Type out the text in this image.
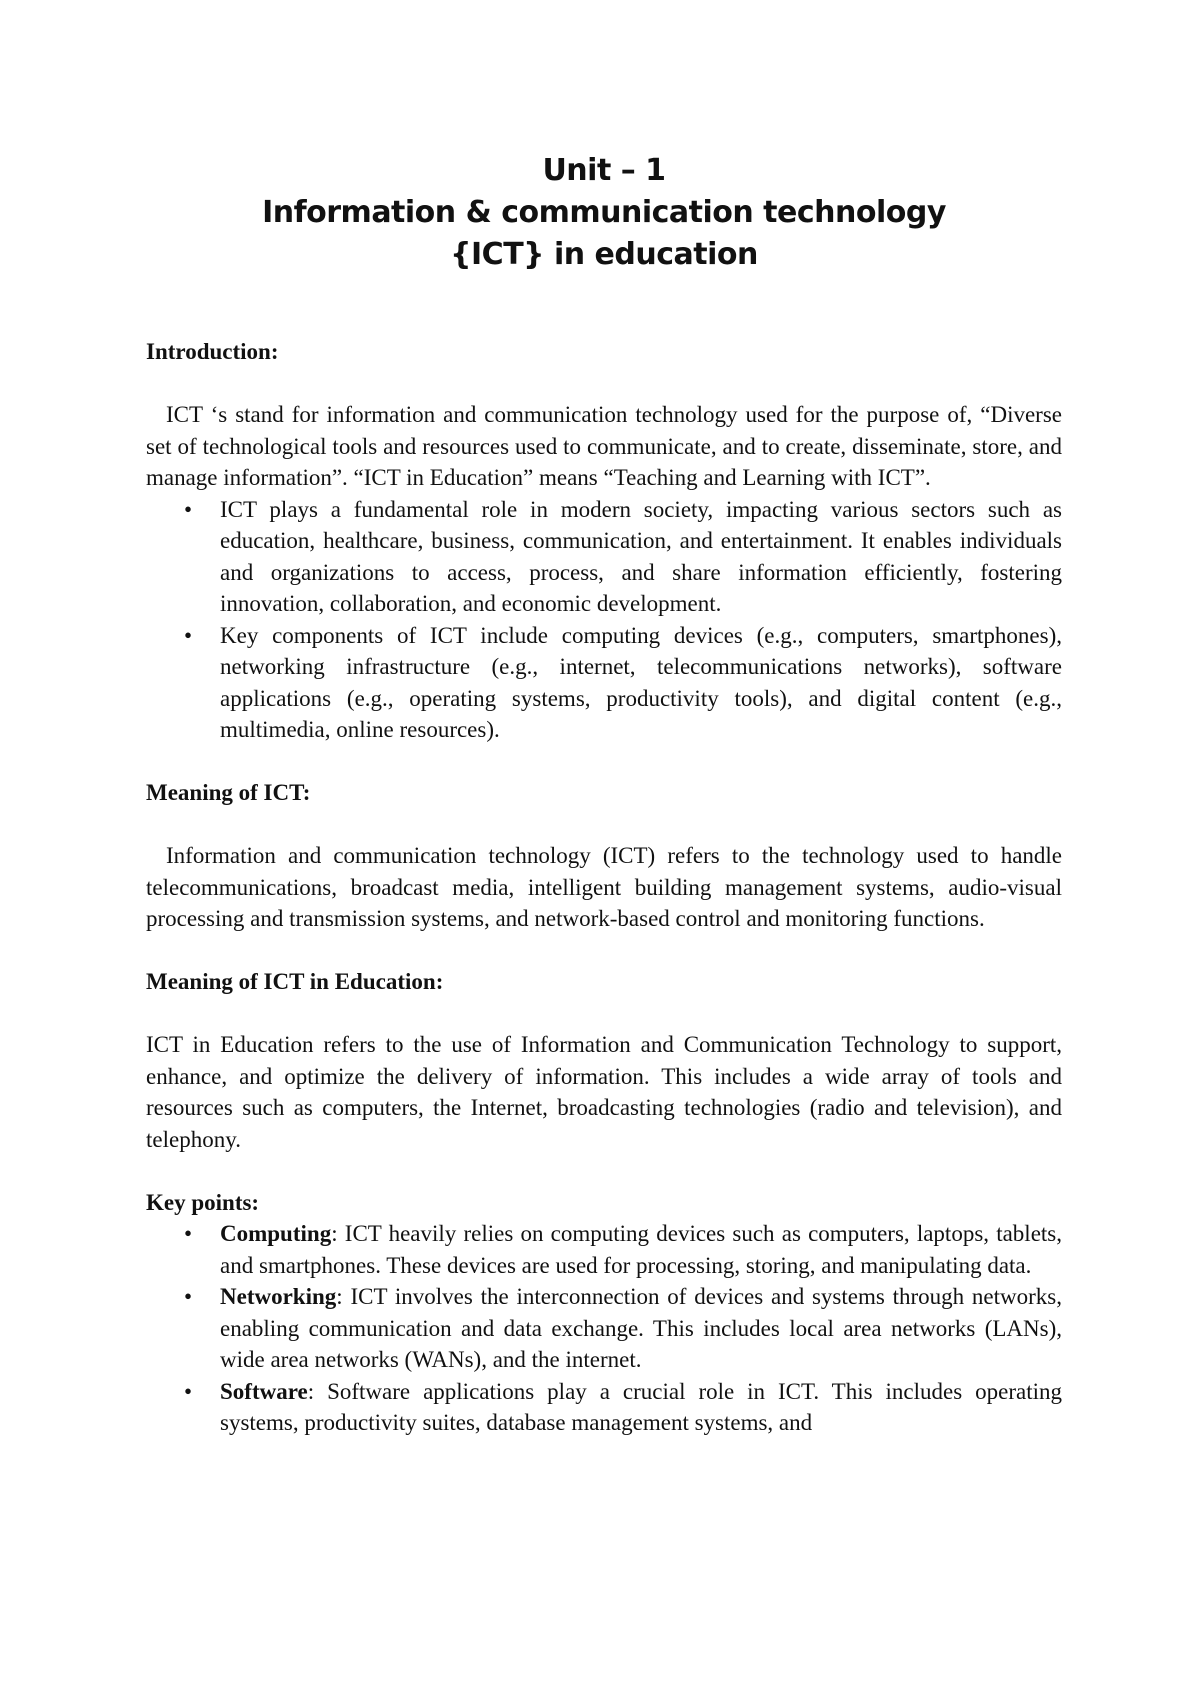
Unit – 1
Information & communication technology
{ICT} in education
Introduction:

ICT ‘s stand for information and communication technology used for the purpose of, “Diverse set of technological tools and resources used to communicate, and to create, disseminate, store, and manage information”. “ICT in Education” means “Teaching and Learning with ICT”.

• ICT plays a fundamental role in modern society, impacting various sectors such as education, healthcare, business, communication, and entertainment. It enables individuals and organizations to access, process, and share information efficiently, fostering innovation, collaboration, and economic development.
• Key components of ICT include computing devices (e.g., computers, smartphones), networking infrastructure (e.g., internet, telecommunications networks), software applications (e.g., operating systems, productivity tools), and digital content (e.g., multimedia, online resources).
Meaning of ICT:

Information and communication technology (ICT) refers to the technology used to handle telecommunications, broadcast media, intelligent building management systems, audio-visual processing and transmission systems, and network-based control and monitoring functions.

Meaning of ICT in Education:

ICT in Education refers to the use of Information and Communication Technology to support, enhance, and optimize the delivery of information. This includes a wide array of tools and resources such as computers, the Internet, broadcasting technologies (radio and television), and telephony.

Key points:
• Computing: ICT heavily relies on computing devices such as computers, laptops, tablets, and smartphones. These devices are used for processing, storing, and manipulating data.
• Networking: ICT involves the interconnection of devices and systems through networks, enabling communication and data exchange. This includes local area networks (LANs), wide area networks (WANs), and the internet.
• Software: Software applications play a crucial role in ICT. This includes operating systems, productivity suites, database management systems, and
